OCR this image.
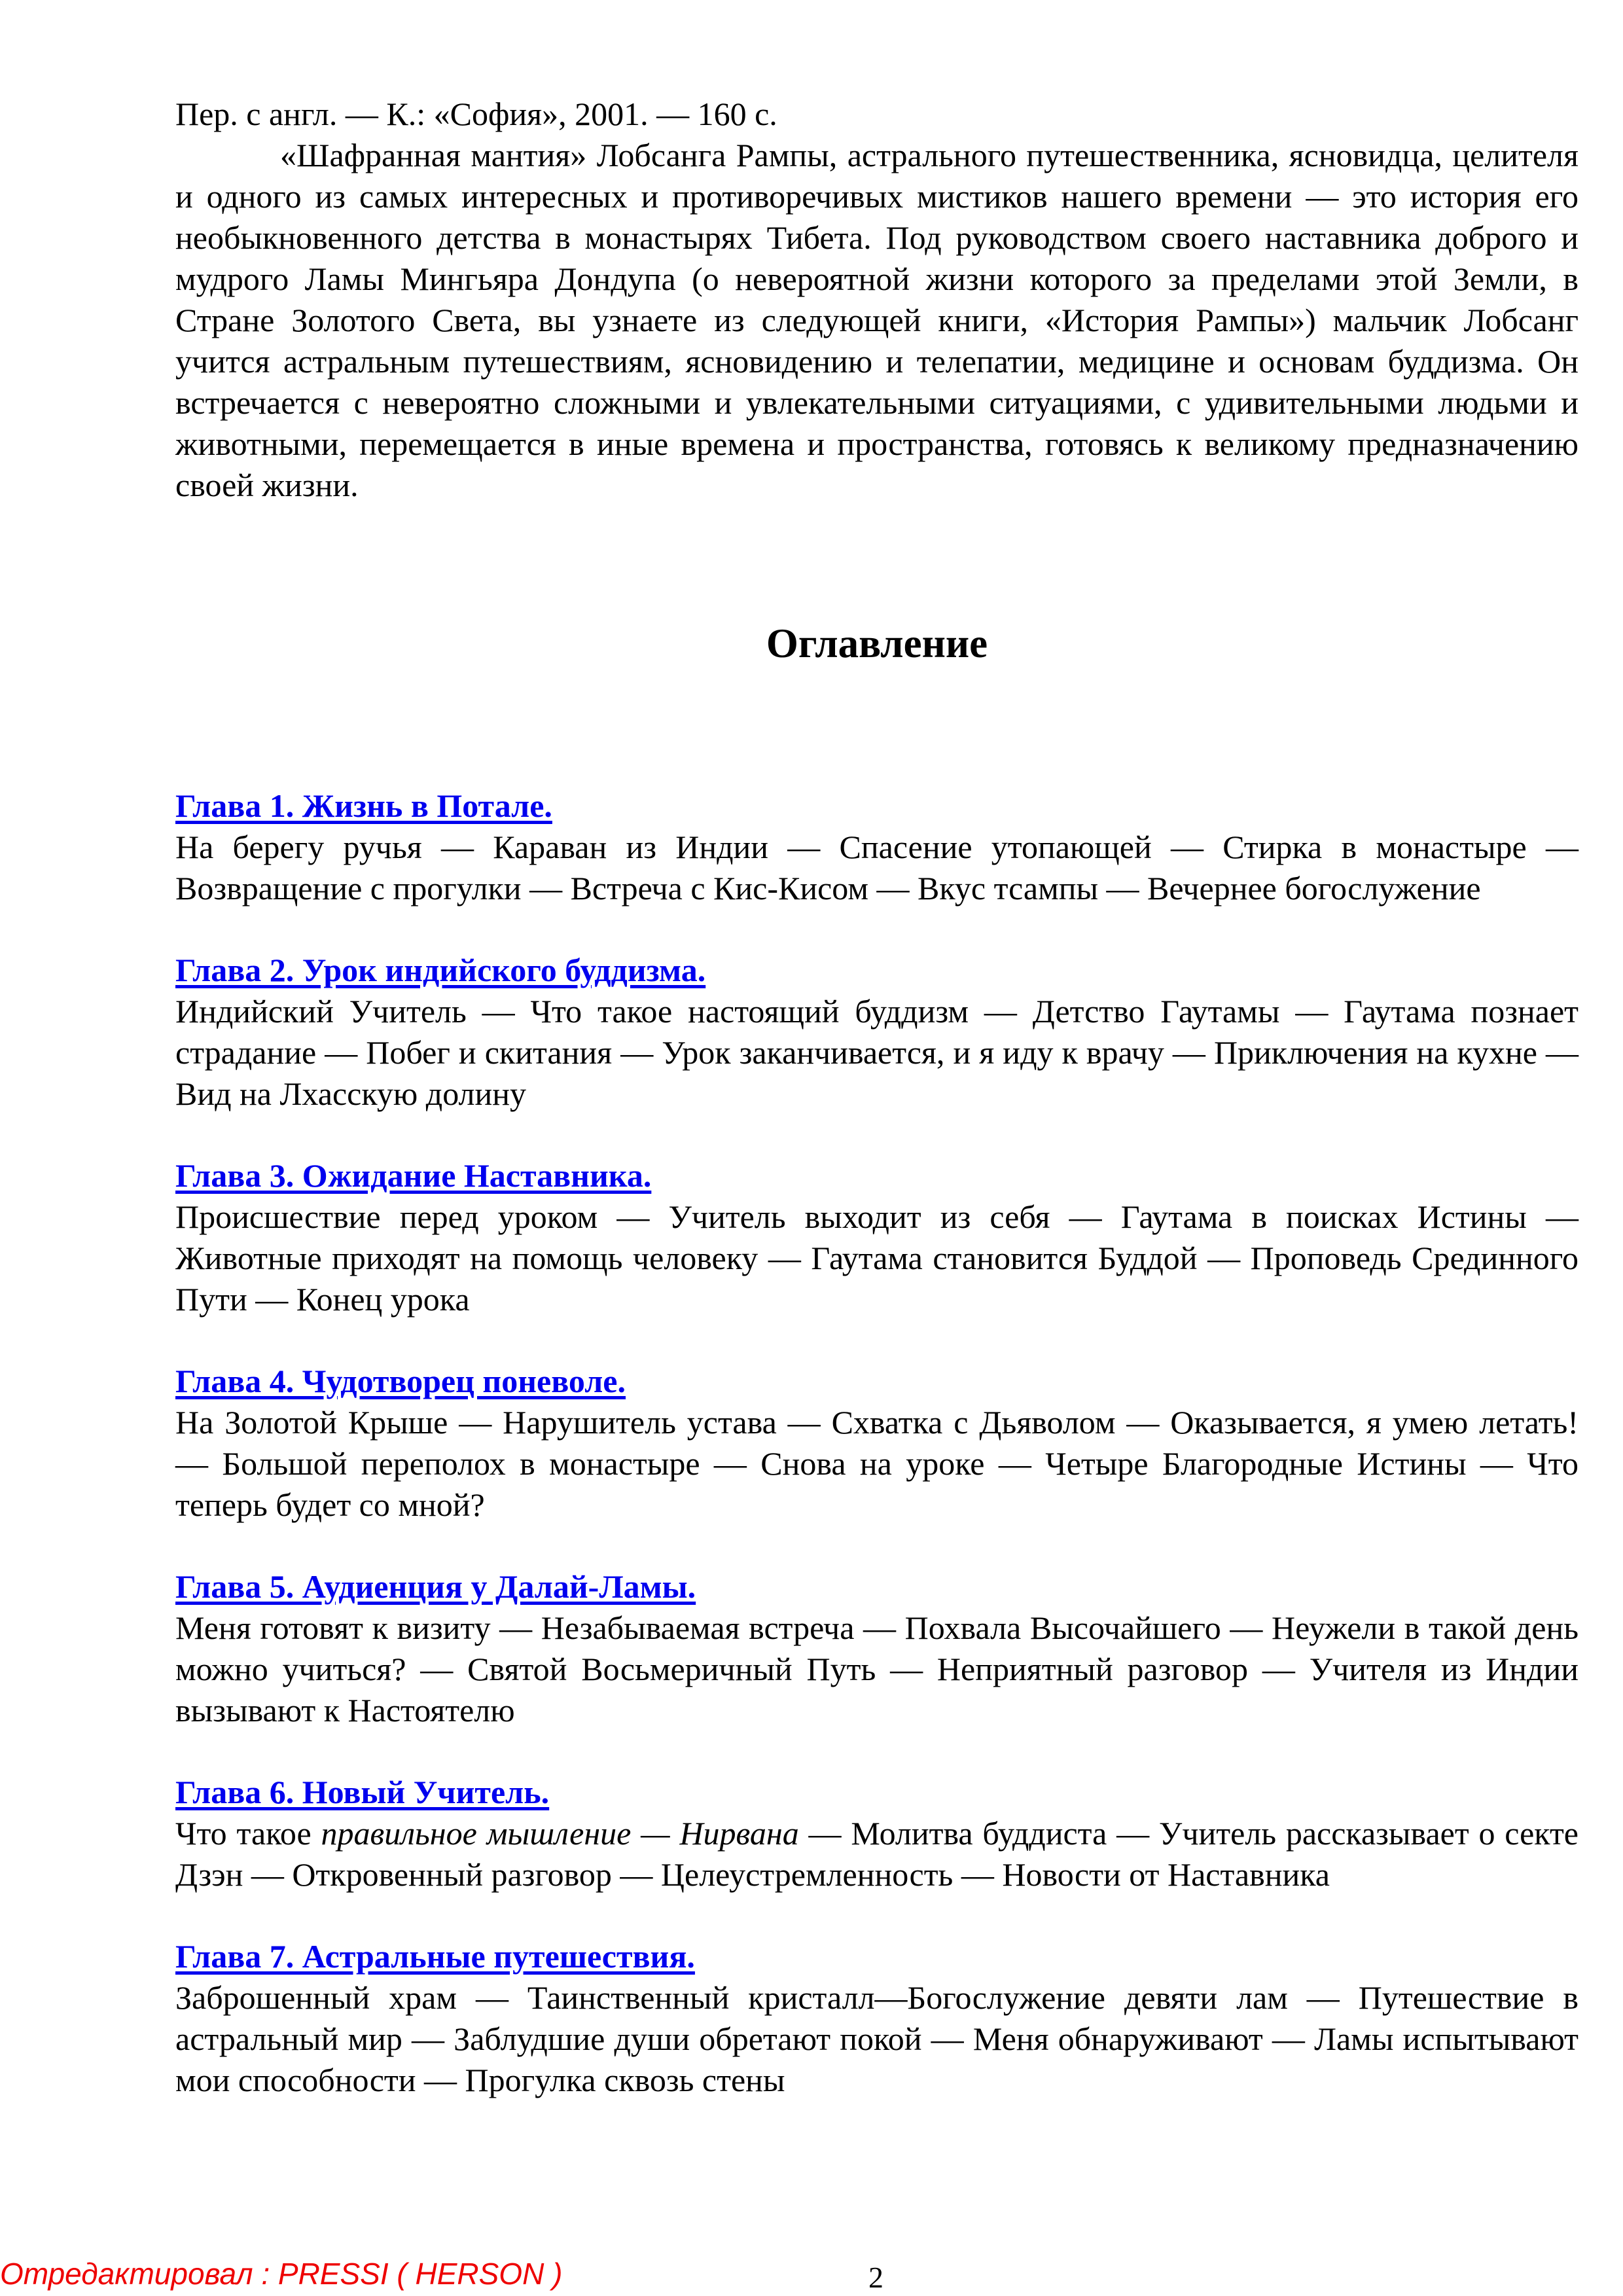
Пер. с англ. — К.: «София», 2001. — 160 с.

«Шафранная мантия» Лобсанга Рампы, астрального путешественника, ясновидца, целителя и одного из самых интересных и противоречивых мистиков нашего времени — это история его необыкновенного детства в монастырях Тибета. Под руководством своего наставника доброго и мудрого Ламы Мингьяра Дондупа (о невероятной жизни которого за пределами этой Земли, в Стране Золотого Света, вы узнаете из следующей книги, «История Рампы») мальчик Лобсанг учится астральным путешествиям, ясновидению и телепатии, медицине и основам буддизма. Он встречается с невероятно сложными и увлекательными ситуациями, с удивительными людьми и животными, перемещается в иные времена и пространства, готовясь к великому предназначению своей жизни.

Оглавление
Глава 1. Жизнь в Потале.

На берегу ручья — Караван из Индии — Спасение утопающей — Стирка в монастыре — Возвращение с прогулки — Встреча с Кис-Кисом — Вкус тсампы — Вечернее богослужение

Глава 2. Урок индийского буддизма.

Индийский Учитель — Что такое настоящий буддизм — Детство Гаутамы — Гаутама познает страдание — Побег и скитания — Урок заканчивается, и я иду к врачу — Приключения на кухне — Вид на Лхасскую долину

Глава 3. Ожидание Наставника.

Происшествие перед уроком — Учитель выходит из себя — Гаутама в поисках Истины — Животные приходят на помощь человеку — Гаутама становится Буддой — Проповедь Срединного Пути — Конец урока

Глава 4. Чудотворец поневоле.

На Золотой Крыше — Нарушитель устава — Схватка с Дьяволом — Оказывается, я умею летать! — Большой переполох в монастыре — Снова на уроке — Четыре Благородные Истины — Что теперь будет со мной?

Глава 5. Аудиенция у Далай-Ламы.

Меня готовят к визиту — Незабываемая встреча — Похвала Высочайшего — Неужели в такой день можно учиться? — Святой Восьмеричный Путь — Неприятный разговор — Учителя из Индии вызывают к Настоятелю

Глава 6. Новый Учитель.

Что такое правильное мышление — Нирвана — Молитва буддиста — Учитель рассказывает о секте Дзэн — Откровенный разговор — Целеустремленность — Новости от Наставника

Глава 7. Астральные путешествия.

Заброшенный храм — Таинственный кристалл—Богослужение девяти лам — Путешествие в астральный мир — Заблудшие души обретают покой — Меня обнаруживают — Ламы испытывают мои способности — Прогулка сквозь стены

Отредактировал : PRESSI ( HERSON )	2
